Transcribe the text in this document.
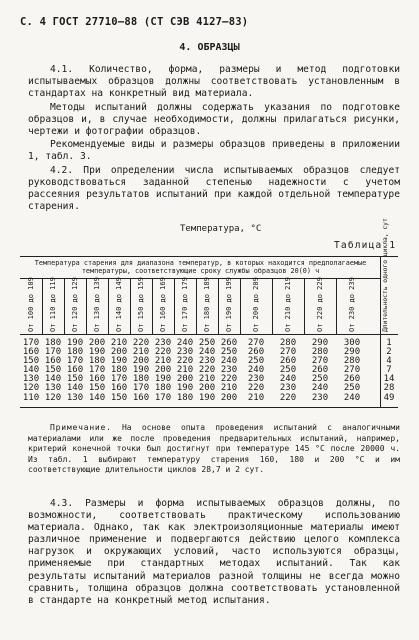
С. 4 ГОСТ 27710—88 (СТ СЭВ 4127—83)
4. ОБРАЗЦЫ

4.1. Количество, форма, размеры и метод подготовки испытываемых образцов должны соответствовать установленным в стандартах на конкретный вид материала.

Методы испытаний должны содержать указания по подготовке образцов и, в случае необходимости, должны прилагаться рисунки, чертежи и фотографии образцов.

Рекомендуемые виды и размеры образцов приведены в приложении 1, табл. 3.

4.2. При определении числа испытываемых образцов следует руководствоваться заданной степенью надежности с учетом рассеяния результатов испытаний при каждой отдельной температуре старения.

Температура, °С
Таблица 1
Температура старения для диапазона температур, в которых находится предполагаемые температуры, соответствующие сроку службы образцов 20(0) ч	Длительность одного цикла, сут
От 100 до 109
170
160
150
140
130
120
110
От 110 до 119
180
170
160
150
140
130
120
От 120 до 129
190
180
170
160
150
140
130
От 130 до 139
200
190
180
170
160
150
140
От 140 до 149
210
200
190
180
170
160
150
От 150 до 159
220
210
200
190
180
170
160
От 160 до 169
230
220
210
200
190
180
170
От 170 до 179
240
230
220
210
200
190
180
От 180 до 189
250
240
230
220
210
200
190
От 190 до 199
260
250
240
230
220
210
200
От 200 до 209
270
260
250
240
230
220
210
От 210 до 219
280
270
260
250
240
230
220
От 220 до 229
290
280
270
260
250
240
230
От 230 до 239
300
290
280
270
260
250
240
1
2
4
7
14
28
49

Примечание. На основе опыта проведения испытаний с аналогичными материалами или же после проведения предварительных испытаний, например, критерий конечной точки был достигнут при температуре 145 °С после 20000 ч. Из табл. 1 выбирают температуру старения 160, 180 и 200 °С и им соответствующие длительности циклов 28,7 и 2 сут.

4.3. Размеры и форма испытываемых образцов должны, по возможности, соответствовать практическому использованию материала. Однако, так как электроизоляционные материалы имеют различное применение и подвергаются действию целого комплекса нагрузок и окружающих условий, часто используются образцы, применяемые при стандартных методах испытаний. Так как результаты испытаний материалов разной толщины не всегда можно сравнить, толщина образцов должна соответствовать установленной в стандарте на конкретный метод испытания.
